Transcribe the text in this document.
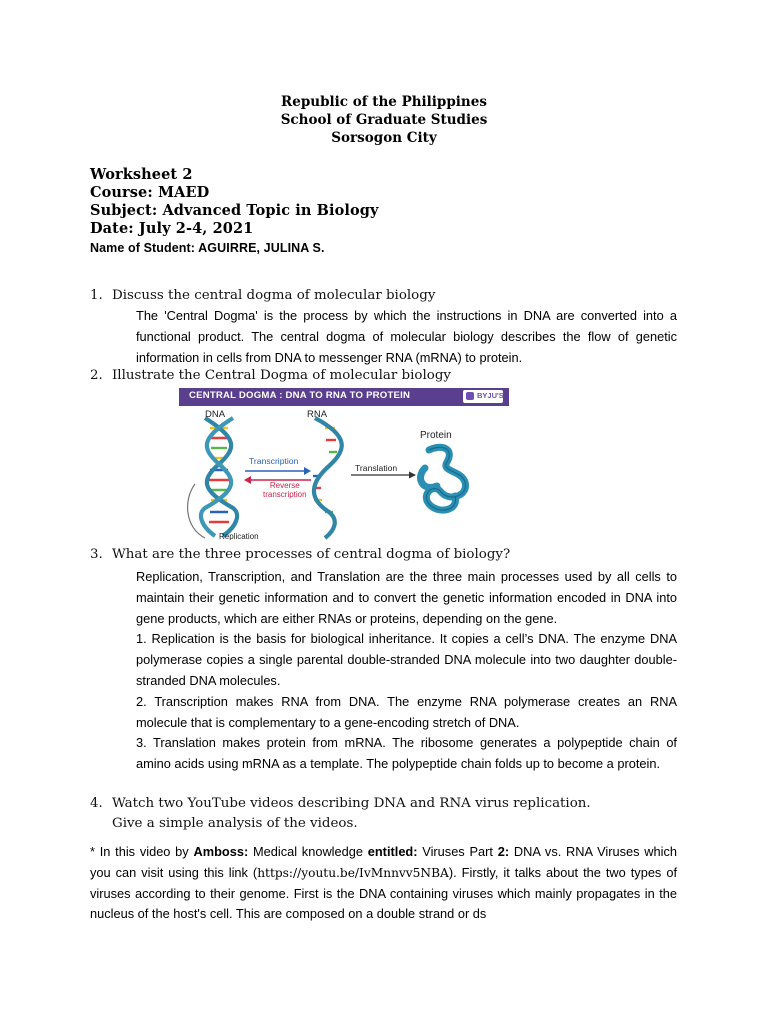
Republic of the Philippines
School of Graduate Studies
Sorsogon City
Worksheet 2
Course: MAED
Subject: Advanced Topic in Biology
Date: July 2-4, 2021
Name of Student: AGUIRRE, JULINA S.
1. Discuss the central dogma of molecular biology

The 'Central Dogma' is the process by which the instructions in DNA are converted into a functional product. The central dogma of molecular biology describes the flow of genetic information in cells from DNA to messenger RNA (mRNA) to protein.

2. Illustrate the Central Dogma of molecular biology
CENTRAL DOGMA : DNA TO RNA TO PROTEIN	BYJU'S
DNA	RNA
Protein
Transcription
Reverse
transcription
Translation
Replication
3. What are the three processes of central dogma of biology?

Replication, Transcription, and Translation are the three main processes used by all cells to maintain their genetic information and to convert the genetic information encoded in DNA into gene products, which are either RNAs or proteins, depending on the gene.

1. Replication is the basis for biological inheritance. It copies a cell’s DNA. The enzyme DNA polymerase copies a single parental double-stranded DNA molecule into two daughter double-stranded DNA molecules.

2. Transcription makes RNA from DNA. The enzyme RNA polymerase creates an RNA molecule that is complementary to a gene-encoding stretch of DNA.

3. Translation makes protein from mRNA. The ribosome generates a polypeptide chain of amino acids using mRNA as a template. The polypeptide chain folds up to become a protein.

4. Watch two YouTube videos describing DNA and RNA virus replication.
Give a simple analysis of the videos.

* In this video by Amboss: Medical knowledge entitled: Viruses Part 2: DNA vs. RNA Viruses which you can visit using this link (https://youtu.be/IvMnnvv5NBA). Firstly, it talks about the two types of viruses according to their genome. First is the DNA containing viruses which mainly propagates in the nucleus of the host's cell. This are composed on a double strand or ds
